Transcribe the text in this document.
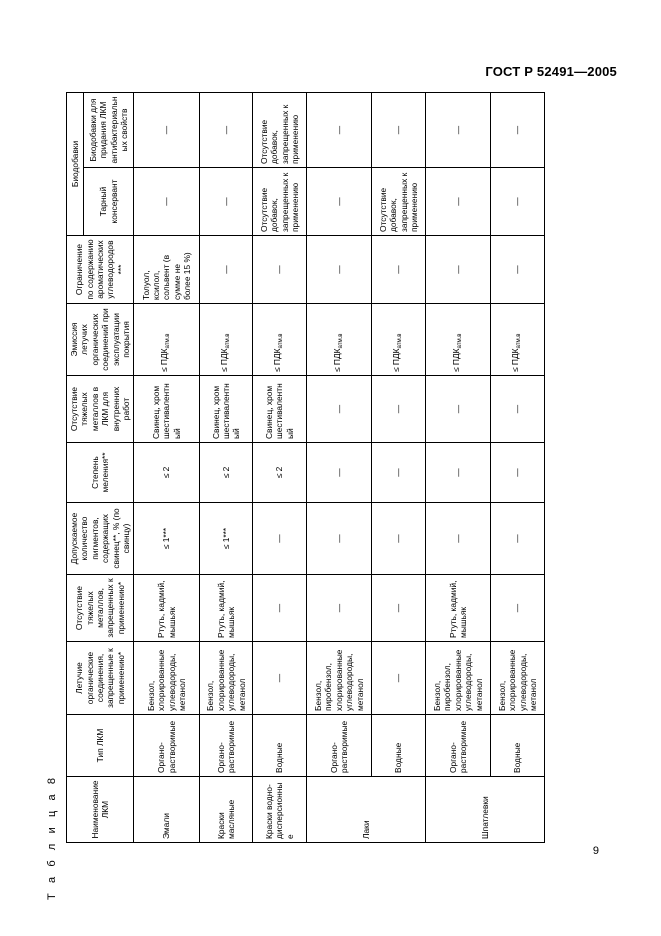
ГОСТ Р 52491—2005
Т а б л и ц а 8	9
Наименование ЛКМ	Тип ЛКМ	Летучие органические соединения, запрещенные к применению*	Отсутствие тяжелых металлов, запрещенных к применению*	Допускаемое количество пигментов, содержащих свинец**, % (по свинцу)	Степень меления**	Отсутствие тяжелых металлов в ЛКМ для внутренних работ	Эмиссия летучих органических соединений при эксплуатации покрытия	Ограничение по содержанию ароматических углеводородов***	Биодобавки	
									Тарный консервант	Биодобавки для придания ЛКМ антибактериальных свойств
Эмали	Органо-растворимые	Бензол, хлорированные углеводороды, метанол	Ртуть, кадмий, мышьяк	≤ 1***	≤ 2	Свинец, хром шестивалентный	≤ $ПДК_{атм.в}$	Толуол, ксилол, сольвент (в сумме не более 15 %)	—	—
Краски масляные	Органо-растворимые	Бензол, хлорированные углеводороды, метанол	Ртуть, кадмий, мышьяк	≤ 1***	≤ 2	Свинец, хром шестивалентный	≤ $ПДК_{атм.в}$	—	—	—
Краски водно-дисперсионные	Водные	—	—	—	≤ 2	Свинец, хром шестивалентный	≤ $ПДК_{атм.в}$	—	Отсутствие добавок, запрещенных к применению	Отсутствие добавок, запрещенных к применению
Лаки	Органо-растворимые	Бензол, пиробензол, хлорированные углеводороды, метанол	—	—	—	—	≤ $ПДК_{атм.в}$	—	—	—
	Водные	—	—	—	—	—	≤ $ПДК_{атм.в}$	—	Отсутствие добавок, запрещенных к применению	—
Шпатлевки	Органо-растворимые	Бензол, пиробензол, хлорированные углеводороды, метанол	Ртуть, кадмий, мышьяк	—	—	—	≤ $ПДК_{атм.в}$	—	—	—
	Водные	Бензол, хлорированные углеводороды, метанол	—	—	—	—	≤ $ПДК_{атм.в}$	—	—	—
